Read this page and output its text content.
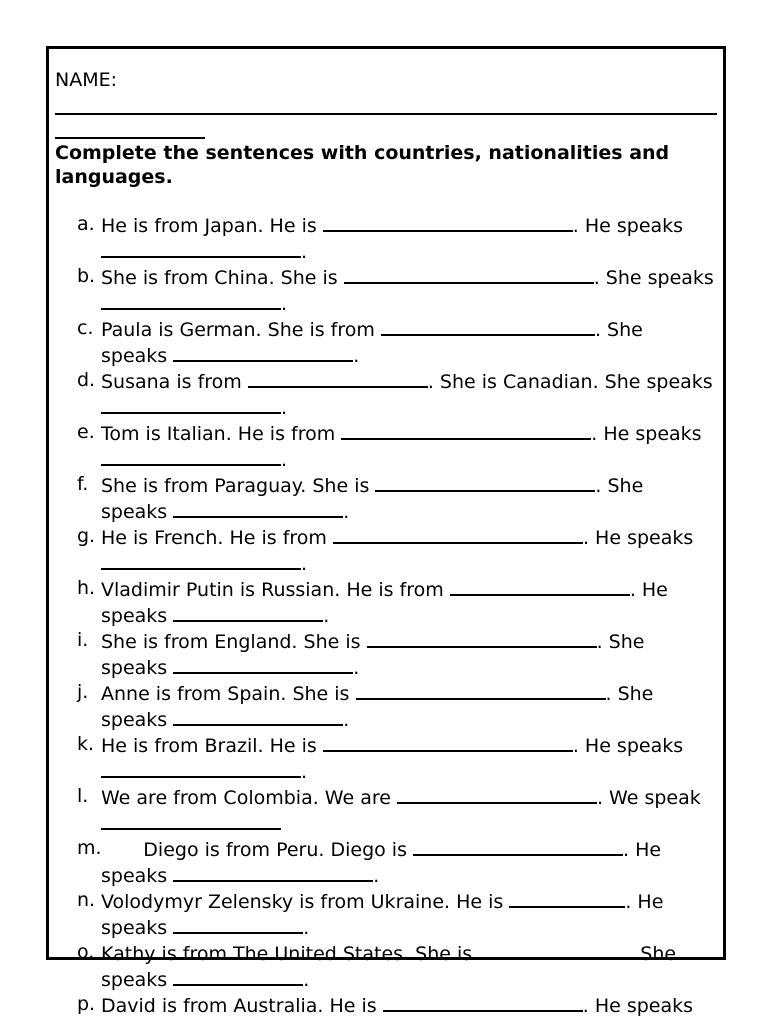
NAME:
Complete the sentences with countries, nationalities and languages.
a. He is from Japan. He is	. He speaks .
b. She is from China. She is	. She speaks .
c. Paula is German. She is from	. She speaks	.
d. Susana is from	. She is Canadian. She speaks .
e. Tom is Italian. He is from	. He speaks .
f. She is from Paraguay. She is	. She speaks	.
g. He is French. He is from	. He speaks .
h. Vladimir Putin is Russian. He is from	. He speaks	.
i. She is from England. She is	. She speaks	.
j. Anne is from Spain. She is	. She speaks	.
k. He is from Brazil. He is	. He speaks .
l. We are from Colombia. We are	. We speak
m. Diego is from Peru. Diego is	. He speaks	.
n. Volodymyr Zelensky is from Ukraine. He is	. He speaks	.
o. Kathy is from The United States. She is	. She speaks	.
p. David is from Australia. He is	. He speaks
